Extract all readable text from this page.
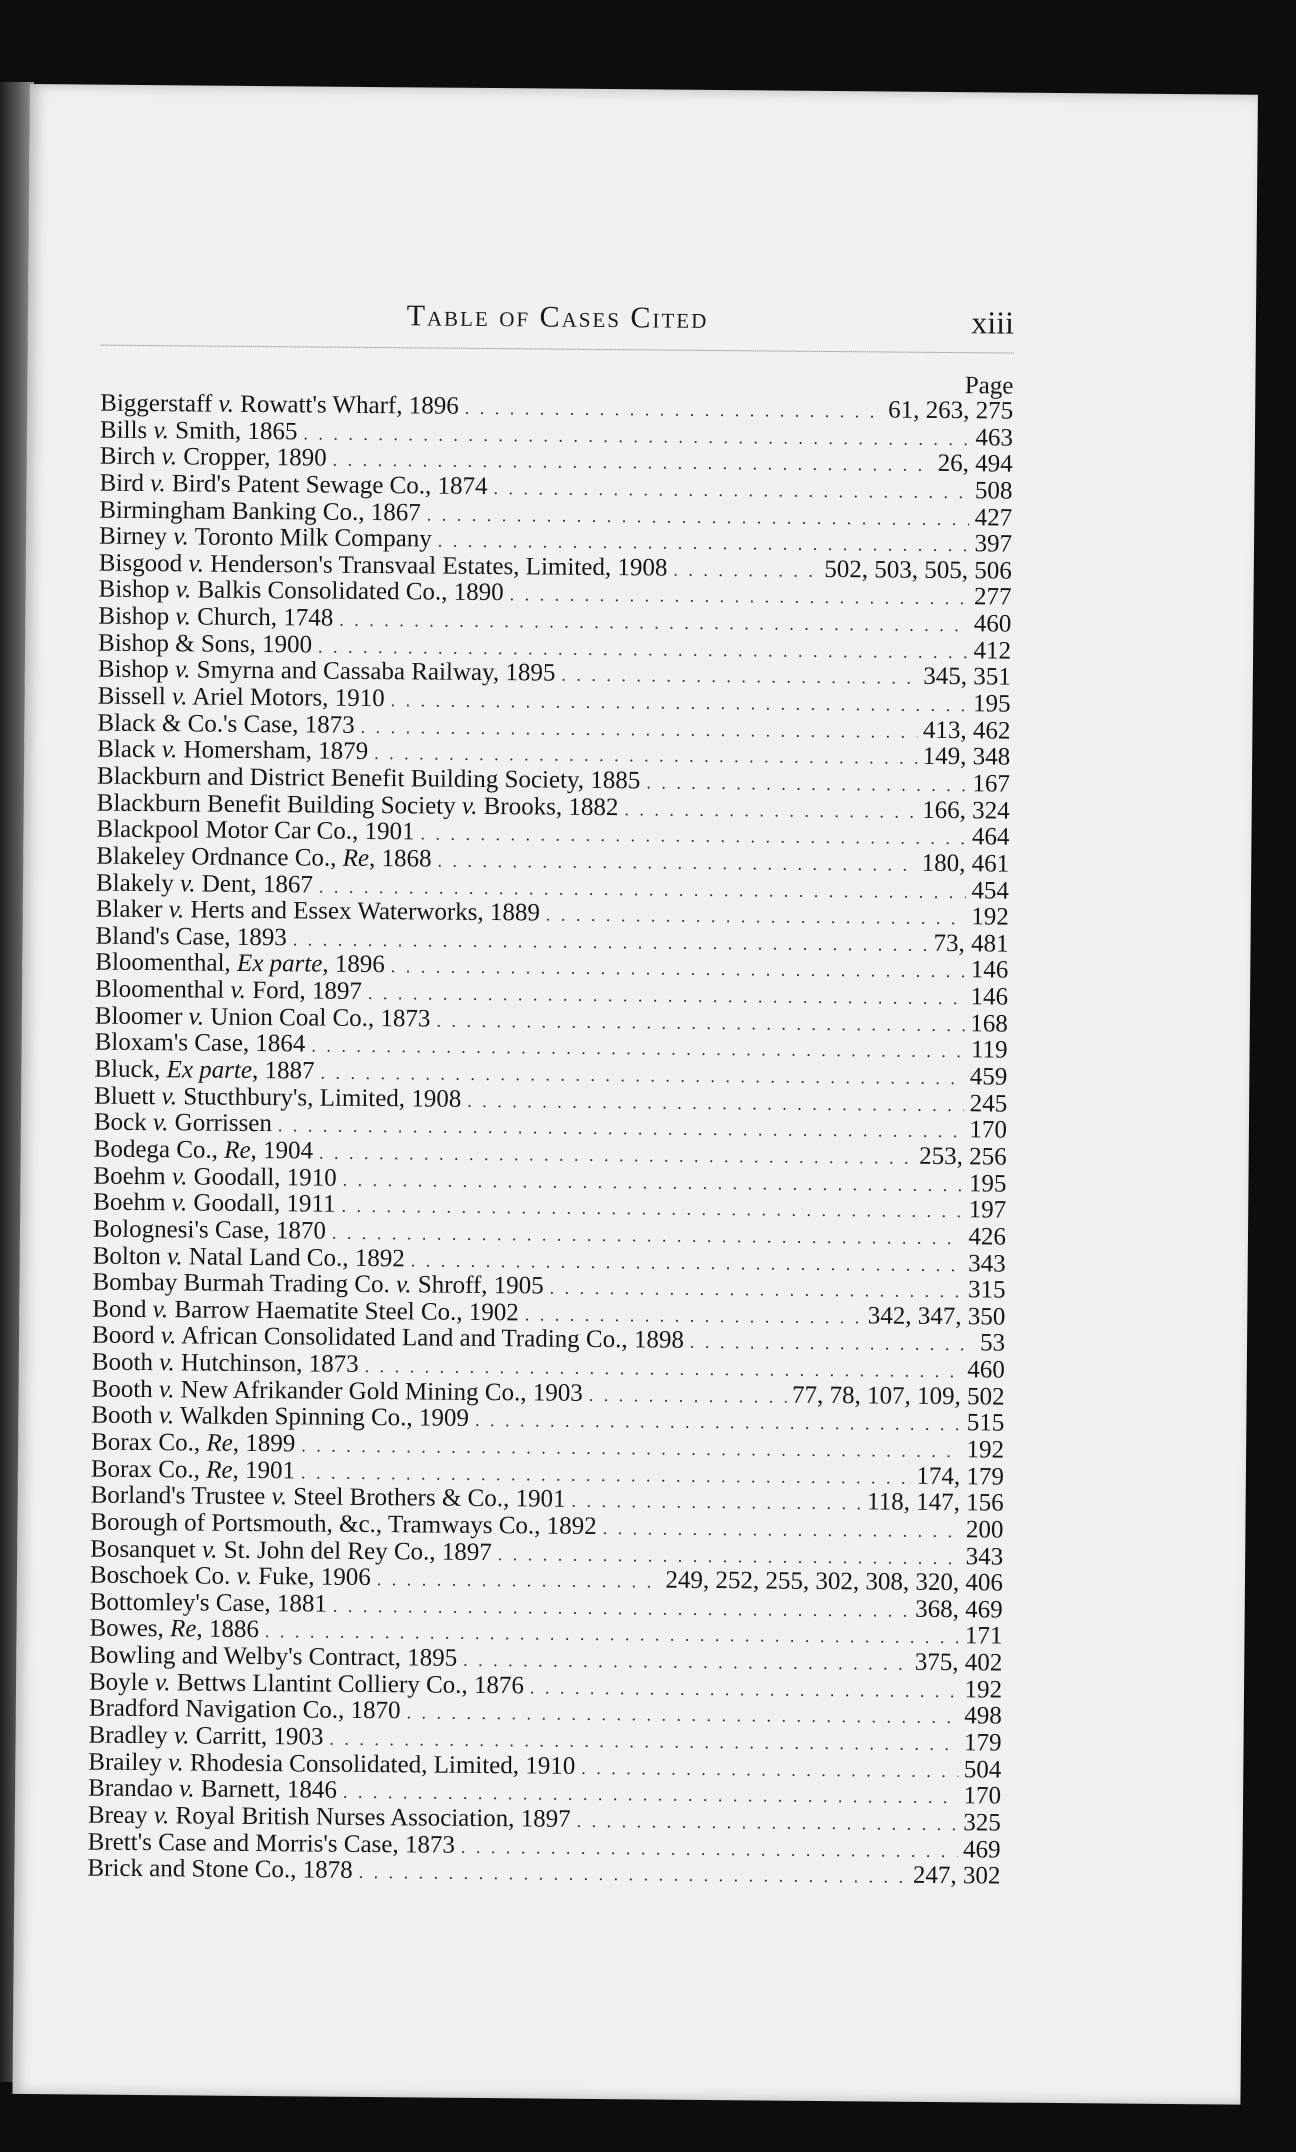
Table of Cases Cited	xiii
Page
Biggerstaff v. Rowatt's Wharf, 1896 . . .	61, 263, 275
Bills v. Smith, 1865 . . .	463
Birch v. Cropper, 1890 . . .	26, 494
Bird v. Bird's Patent Sewage Co., 1874 . . .	508
Birmingham Banking Co., 1867 . . .	427
Birney v. Toronto Milk Company . . .	397
Bisgood v. Henderson's Transvaal Estates, Limited, 1908 . . .	502, 503, 505, 506
Bishop v. Balkis Consolidated Co., 1890 . . .	277
Bishop v. Church, 1748 . . .	460
Bishop & Sons, 1900 . . .	412
Bishop v. Smyrna and Cassaba Railway, 1895 . . .	345, 351
Bissell v. Ariel Motors, 1910 . . .	195
Black & Co.'s Case, 1873 . . .	413, 462
Black v. Homersham, 1879 . . .	149, 348
Blackburn and District Benefit Building Society, 1885 . . .	167
Blackburn Benefit Building Society v. Brooks, 1882 . . .	166, 324
Blackpool Motor Car Co., 1901 . . .	464
Blakeley Ordnance Co., Re, 1868 . . .	180, 461
Blakely v. Dent, 1867 . . .	454
Blaker v. Herts and Essex Waterworks, 1889 . . .	192
Bland's Case, 1893 . . .	73, 481
Bloomenthal, Ex parte, 1896 . . .	146
Bloomenthal v. Ford, 1897 . . .	146
Bloomer v. Union Coal Co., 1873 . . .	168
Bloxam's Case, 1864 . . .	119
Bluck, Ex parte, 1887 . . .	459
Bluett v. Stucthbury's, Limited, 1908 . . .	245
Bock v. Gorrissen . . .	170
Bodega Co., Re, 1904 . . .	253, 256
Boehm v. Goodall, 1910 . . .	195
Boehm v. Goodall, 1911 . . .	197
Bolognesi's Case, 1870 . . .	426
Bolton v. Natal Land Co., 1892 . . .	343
Bombay Burmah Trading Co. v. Shroff, 1905 . . .	315
Bond v. Barrow Haematite Steel Co., 1902 . . .	342, 347, 350
Boord v. African Consolidated Land and Trading Co., 1898 . . .	53
Booth v. Hutchinson, 1873 . . .	460
Booth v. New Afrikander Gold Mining Co., 1903 . . .	77, 78, 107, 109, 502
Booth v. Walkden Spinning Co., 1909 . . .	515
Borax Co., Re, 1899 . . .	192
Borax Co., Re, 1901 . . .	174, 179
Borland's Trustee v. Steel Brothers & Co., 1901 . . .	118, 147, 156
Borough of Portsmouth, &c., Tramways Co., 1892 . . .	200
Bosanquet v. St. John del Rey Co., 1897 . . .	343
Boschoek Co. v. Fuke, 1906 . . .	249, 252, 255, 302, 308, 320, 406
Bottomley's Case, 1881 . . .	368, 469
Bowes, Re, 1886 . . .	171
Bowling and Welby's Contract, 1895 . . .	375, 402
Boyle v. Bettws Llantint Colliery Co., 1876 . . .	192
Bradford Navigation Co., 1870 . . .	498
Bradley v. Carritt, 1903 . . .	179
Brailey v. Rhodesia Consolidated, Limited, 1910 . . .	504
Brandao v. Barnett, 1846 . . .	170
Breay v. Royal British Nurses Association, 1897 . . .	325
Brett's Case and Morris's Case, 1873 . . .	469
Brick and Stone Co., 1878 . . .	247, 302
